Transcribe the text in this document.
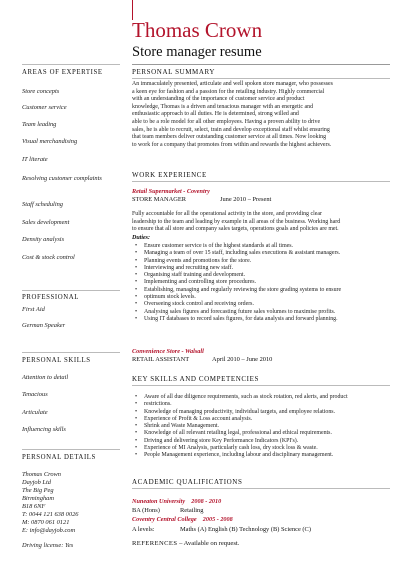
Thomas Crown
Store manager resume
AREAS OF EXPERTISE
Store concepts
Customer service
Team leading
Visual merchandising
IT literate
Resolving customer complaints
Staff scheduling
Sales development
Density analysis
Cost & stock control
PROFESSIONAL
First Aid
German Speaker
PERSONAL SKILLS
Attention to detail
Tenacious
Articulate
Influencing skills
PERSONAL DETAILS
Thomas Crown
Dayjob Ltd
The Big Peg
Birmingham
B18 6NF
T: 0044 121 638 0026
M: 0870 061 0121
E: info@dayjob.com
Driving license: Yes
PERSONAL SUMMARY

An immaculately presented, articulate and well spoken store manager, who possesses

a keen eye for fashion and a passion for the retailing industry. Highly commercial

with an understanding of the importance of customer service and product

knowledge, Thomas is a driven and tenacious manager with an energetic and

enthusiastic approach to all duties. He is determined, strong willed and

able to be a role model for all other employees. Having a proven ability to drive

sales, he is able to recruit, select, train and develop exceptional staff whilst ensuring

that team members deliver outstanding customer service at all times. Now looking

to work for a company that promotes from within and rewards the highest achievers.

WORK EXPERIENCE
Retail Supermarket - Coventry
STORE MANAGER	June 2010 – Present

Fully accountable for all the operational activity in the store, and providing clear

leadership to the team and leading by example in all areas of the business. Working hard

to ensure that all store and company sales targets, operations goals and policies are met.

Duties:
• Ensure customer service is of the highest standards at all times.
• Managing a team of over 15 staff, including sales executions & assistant managers.
• Planning events and promotions for the store.
• Interviewing and recruiting new staff.
• Organising staff training and development.
• Implementing and controlling store procedures.
• Establishing, managing and regularly reviewing the store grading systems to ensure
• optimum stock levels.
• Overseeing stock control and receiving orders.
• Analysing sales figures and forecasting future sales volumes to maximise profits.
• Using IT databases to record sales figures, for data analysis and forward planning.
Convenience Store - Walsall
RETAIL ASSISTANT	April 2010 – June 2010
KEY SKILLS AND COMPETENCIES
• Aware of all due diligence requirements, such as stock rotation, red alerts, and product
• restrictions.
• Knowledge of managing productivity, individual targets, and employee relations.
• Experience of Profit & Loss account analysis.
• Shrink and Waste Management.
• Knowledge of all relevant retailing legal, professional and ethical requirements.
• Driving and delivering store Key Performance Indicators (KPI's).
• Experience of MI Analysis, particularly cash loss, dry stock loss & waste.
• People Management experience, including labour and disciplinary management.
ACADEMIC QUALIFICATIONS
Nuneaton University    2008 - 2010
BA (Hons)	Retailing
Coventry Central College    2005 - 2008
A levels:	Maths (A) English (B) Technology (B) Science (C)
REFERENCES – Available on request.
